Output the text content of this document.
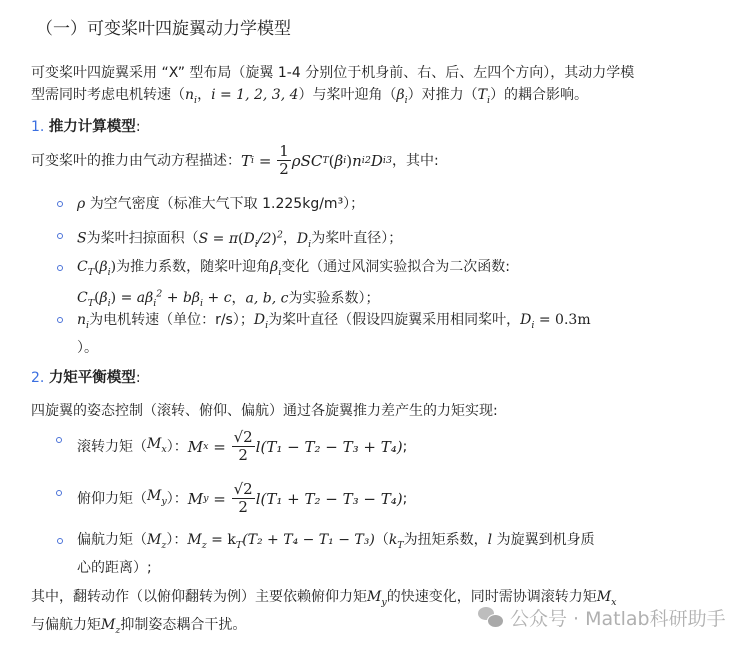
（一）可变桨叶四旋翼动力学模型
可变桨叶四旋翼采用 “X” 型布局（旋翼 1-4 分别位于机身前、右、后、左四个方向），其动力学模
型需同时考虑电机转速（$n_i$，i = 1, 2, 3, 4）与桨叶迎角$(\beta_i)$对推力$(T_i)$的耦合影响。
1. 推力计算模型:
可变桨叶的推力由气动方程描述： T i
=
$\frac{1}{2}$ ρSC T ( β i ) n i 2 D i 3 ，其中:
ρ 为空气密度（标准大气下取 1.225kg/m³）；
S为桨叶扫掠面积（$S = \pi(D_i/2)^2$，$D_i$为桨叶直径）；
$C_T(\beta_i)$为推力系数，随桨叶迎角$\beta_i$变化（通过风洞实验拟合为二次函数:
$C_T(\beta_i) = a\beta_i^2 + b\beta_i + c$，a, b, c为实验系数）；
$n_i$为电机转速（单位：r/s）；$D_i$为桨叶直径（假设四旋翼采用相同桨叶，$D_i = 0.3m$
）。
2. 力矩平衡模型:
四旋翼的姿态控制（滚转、俯仰、偏航）通过各旋翼推力差产生的力矩实现:
滚转力矩（ $M_x$ ）： M x
=
$\frac{√2}{2} l(T_1 - T_2 - T_3 + T_4)$ ;
俯仰力矩（ $M_y$ ）： M y
=
$\frac{√2}{2} l(T_1 + T_2 - T_3 - T_4)$ ;
偏航力矩$(M_z)$：$M_z = k_T(T_2 + T_4 - T_1 - T_3)(k_T$为扭矩系数，l 为旋翼到机身质
心的距离）;
其中，翻转动作（以俯仰翻转为例）主要依赖俯仰力矩$M_y$的快速变化，同时需协调滚转力矩$M_x$
与偏航力矩$M_z$抑制姿态耦合干扰。	公众号 · Matlab科研助手
